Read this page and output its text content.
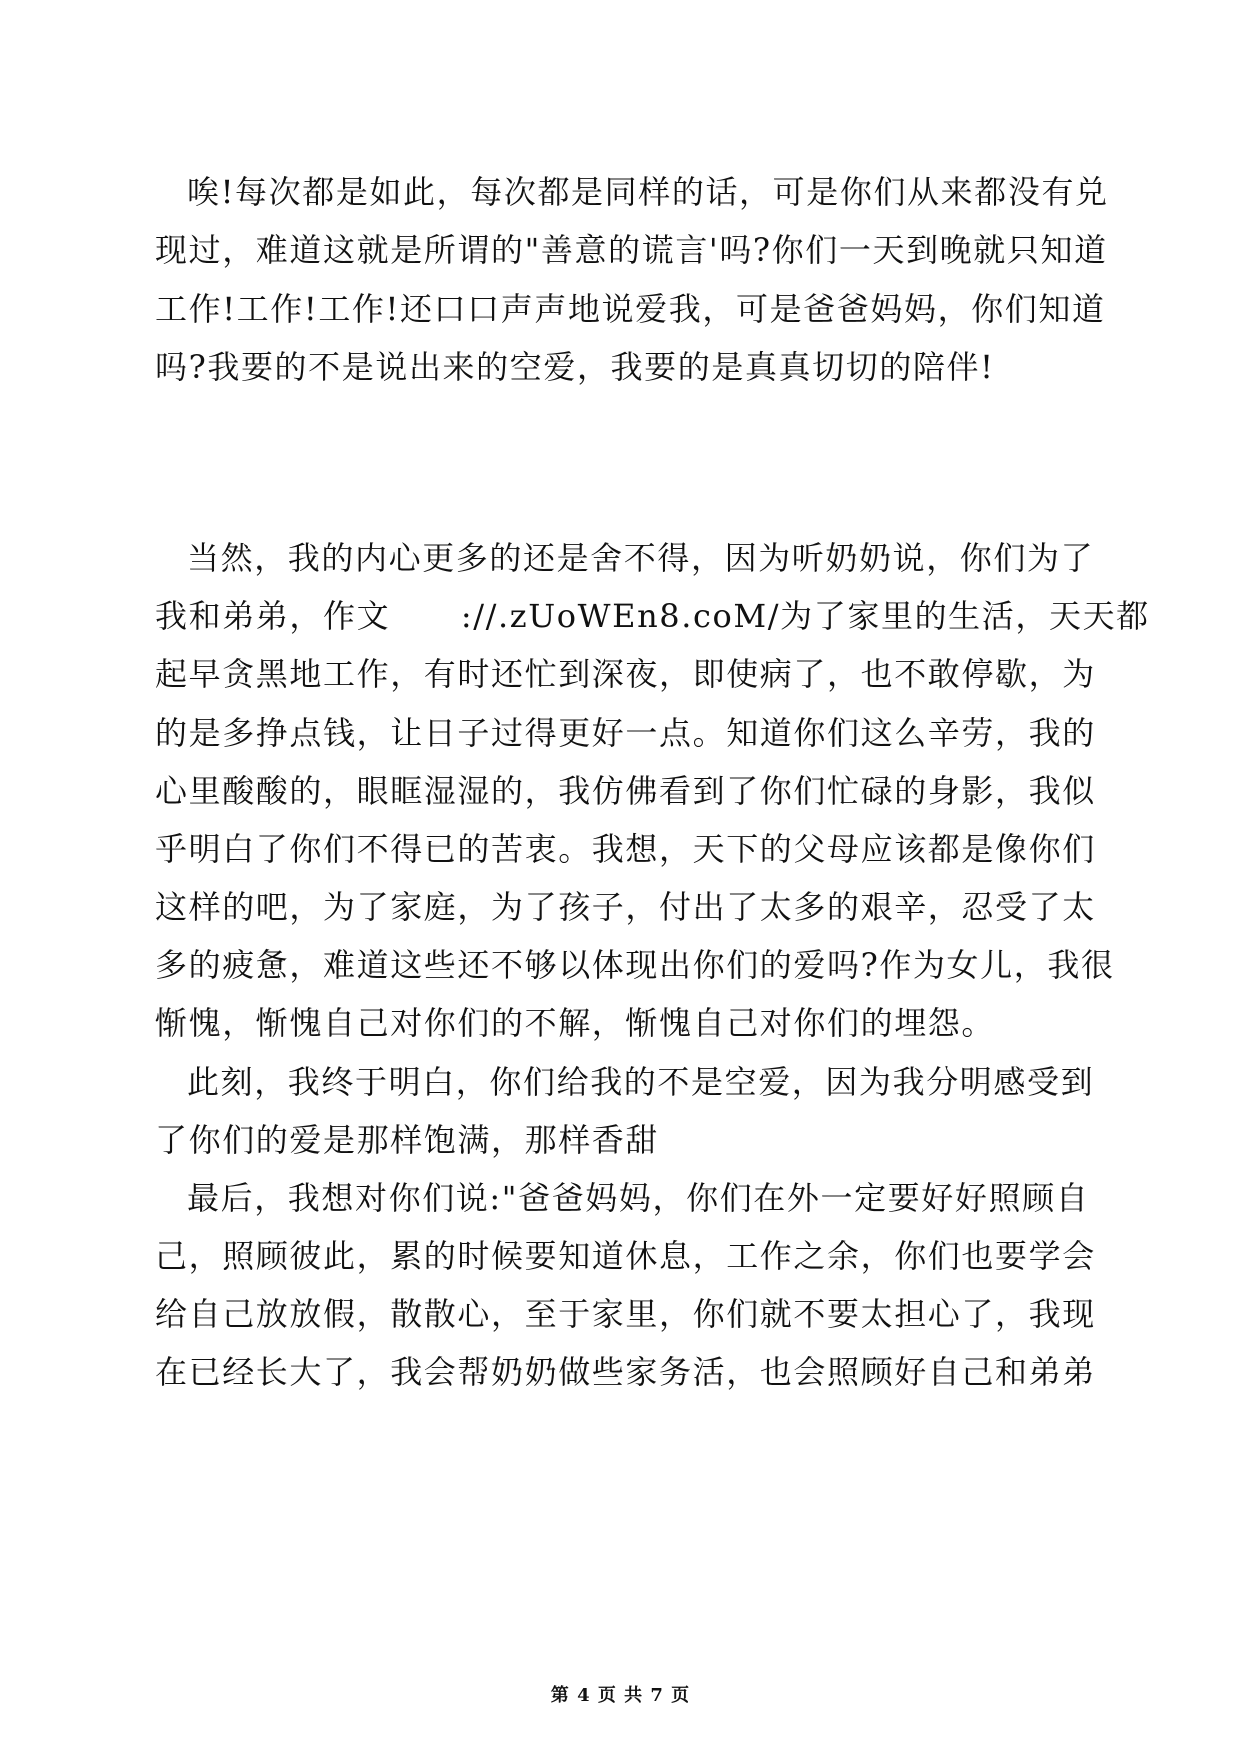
唉!每次都是如此，每次都是同样的话，可是你们从来都没有兑
现过，难道这就是所谓的"善意的谎言'吗?你们一天到晚就只知道
工作!工作!工作!还口口声声地说爱我，可是爸爸妈妈，你们知道
吗?我要的不是说出来的空爱，我要的是真真切切的陪伴!
当然，我的内心更多的还是舍不得，因为听奶奶说，你们为了
我和弟弟，作文      ://.zUoWEn8.coM/为了家里的生活，天天都
起早贪黑地工作，有时还忙到深夜，即使病了，也不敢停歇，为
的是多挣点钱，让日子过得更好一点。知道你们这么辛劳，我的
心里酸酸的，眼眶湿湿的，我仿佛看到了你们忙碌的身影，我似
乎明白了你们不得已的苦衷。我想，天下的父母应该都是像你们
这样的吧，为了家庭，为了孩子，付出了太多的艰辛，忍受了太
多的疲惫，难道这些还不够以体现出你们的爱吗?作为女儿，我很
惭愧，惭愧自己对你们的不解，惭愧自己对你们的埋怨。
此刻，我终于明白，你们给我的不是空爱，因为我分明感受到
了你们的爱是那样饱满，那样香甜
最后，我想对你们说:"爸爸妈妈，你们在外一定要好好照顾自
己，照顾彼此，累的时候要知道休息，工作之余，你们也要学会
给自己放放假，散散心，至于家里，你们就不要太担心了，我现
在已经长大了，我会帮奶奶做些家务活，也会照顾好自己和弟弟
第 4 页 共 7 页
